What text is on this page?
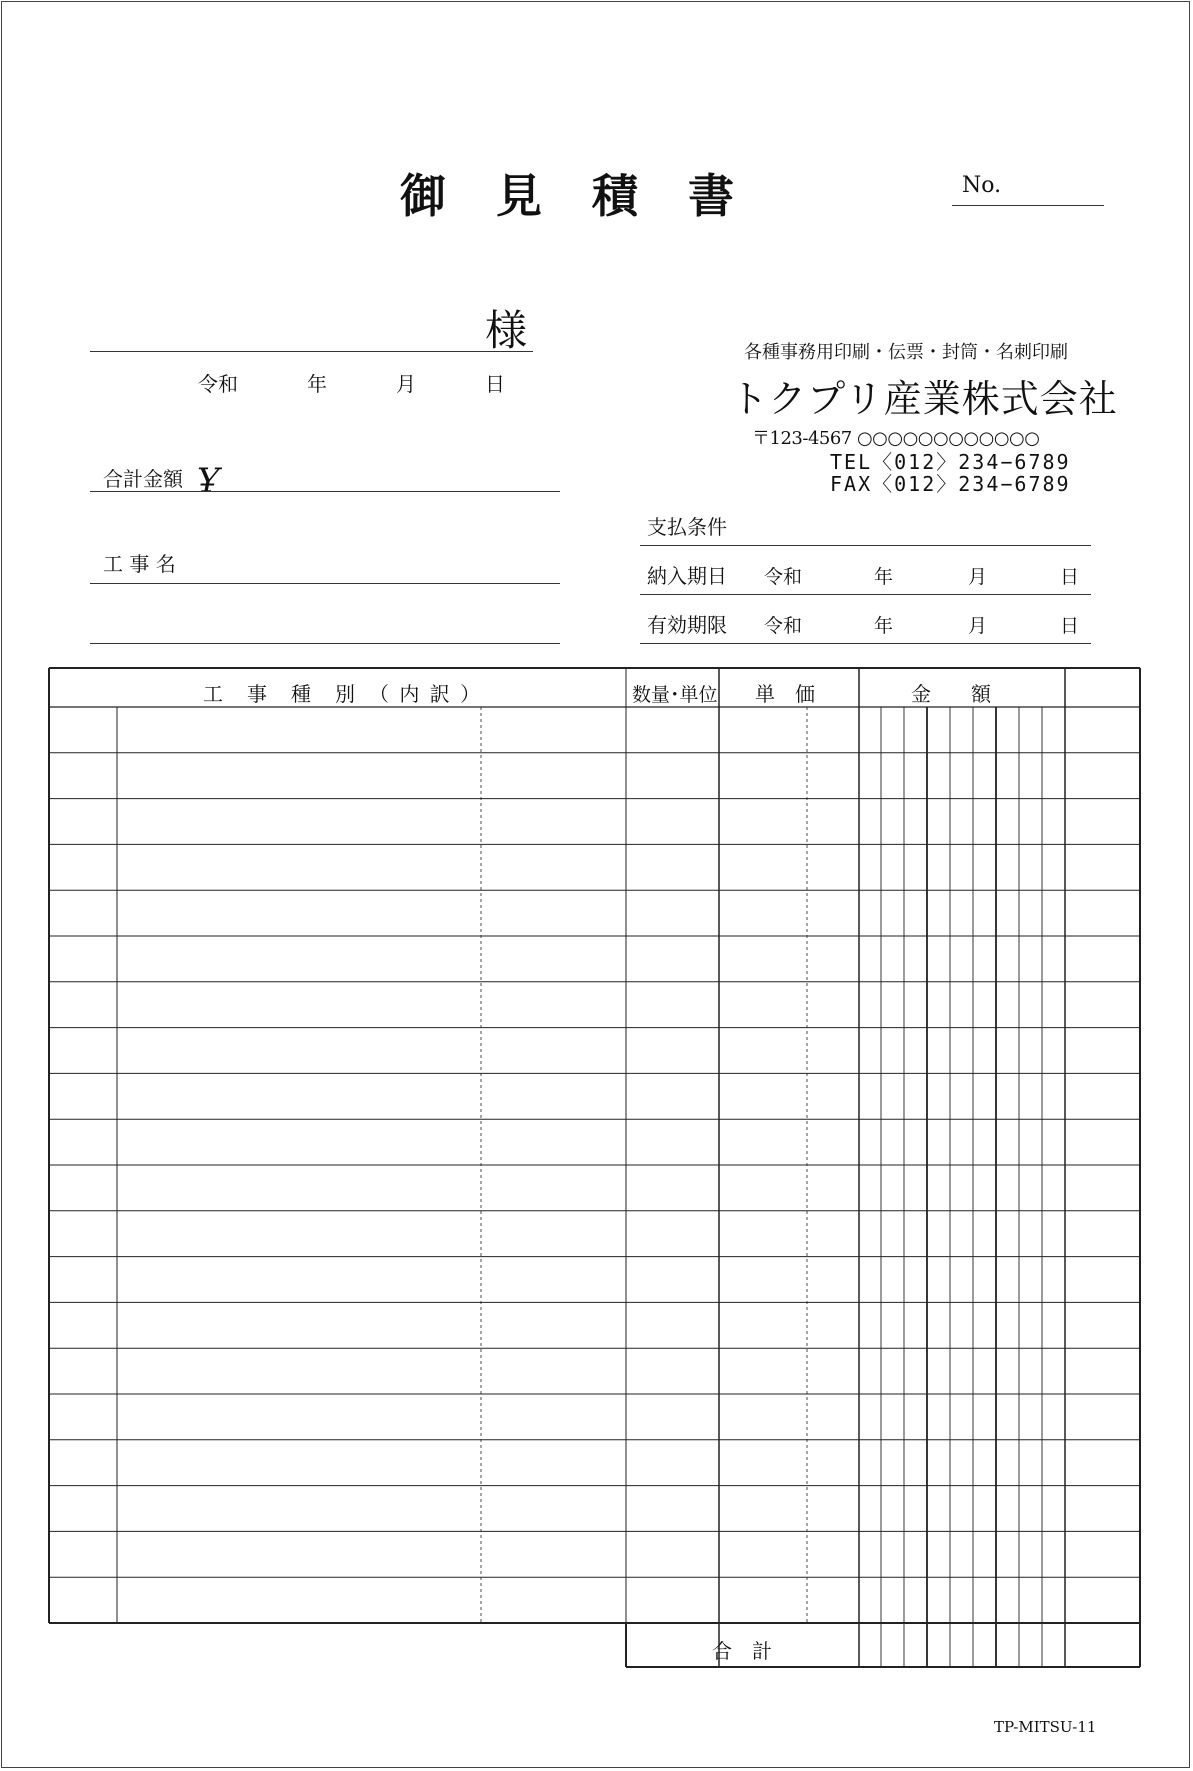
御見積書	No.
様
令和	年	月	日
合計金額 Ұ
工 事 名
各種事務用印刷・伝票・封筒・名刺印刷
トクプリ産業株式会社
〒123-4567 ○○○○○○○○○○○○
TEL〈012〉234−6789
FAX〈012〉234−6789
支払条件
納入期日 令和	年	月	日
有効期限 令和	年	月	日
工　事　種　別　（ 内 訳 ）	数量･単位 単　価	金　　額
合　計
TP-MITSU-11
